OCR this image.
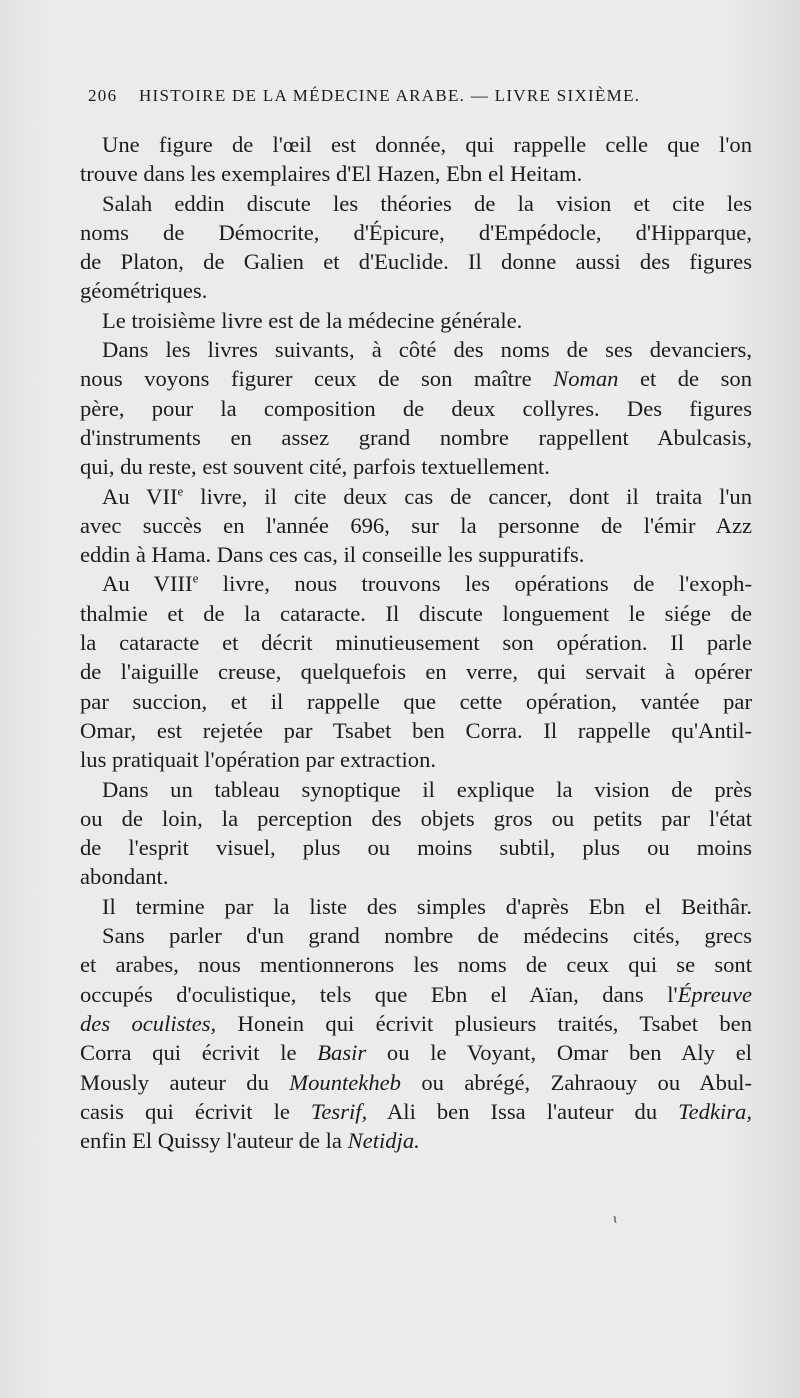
206 HISTOIRE DE LA MÉDECINE ARABE. — LIVRE SIXIÈME.
Une figure de l'œil est donnée, qui rappelle celle que l'on
trouve dans les exemplaires d'El Hazen, Ebn el Heitam.
Salah eddin discute les théories de la vision et cite les
noms de Démocrite, d'Épicure, d'Empédocle, d'Hipparque,
de Platon, de Galien et d'Euclide. Il donne aussi des figures
géométriques.
Le troisième livre est de la médecine générale.
Dans les livres suivants, à côté des noms de ses devanciers,
nous voyons figurer ceux de son maître Noman et de son
père, pour la composition de deux collyres. Des figures
d'instruments en assez grand nombre rappellent Abulcasis,
qui, du reste, est souvent cité, parfois textuellement.
Au VIIe livre, il cite deux cas de cancer, dont il traita l'un
avec succès en l'année 696, sur la personne de l'émir Azz
eddin à Hama. Dans ces cas, il conseille les suppuratifs.
Au VIIIe livre, nous trouvons les opérations de l'exoph-
thalmie et de la cataracte. Il discute longuement le siége de
la cataracte et décrit minutieusement son opération. Il parle
de l'aiguille creuse, quelquefois en verre, qui servait à opérer
par succion, et il rappelle que cette opération, vantée par
Omar, est rejetée par Tsabet ben Corra. Il rappelle qu'Antil-
lus pratiquait l'opération par extraction.
Dans un tableau synoptique il explique la vision de près
ou de loin, la perception des objets gros ou petits par l'état
de l'esprit visuel, plus ou moins subtil, plus ou moins
abondant.
Il termine par la liste des simples d'après Ebn el Beithâr.
Sans parler d'un grand nombre de médecins cités, grecs
et arabes, nous mentionnerons les noms de ceux qui se sont
occupés d'oculistique, tels que Ebn el Aïan, dans l'Épreuve
des oculistes, Honein qui écrivit plusieurs traités, Tsabet ben
Corra qui écrivit le Basir ou le Voyant, Omar ben Aly el
Mously auteur du Mountekheb ou abrégé, Zahraouy ou Abul-
casis qui écrivit le Tesrif, Ali ben Issa l'auteur du Tedkira,
enfin El Quissy l'auteur de la Netidja.
ɩ
